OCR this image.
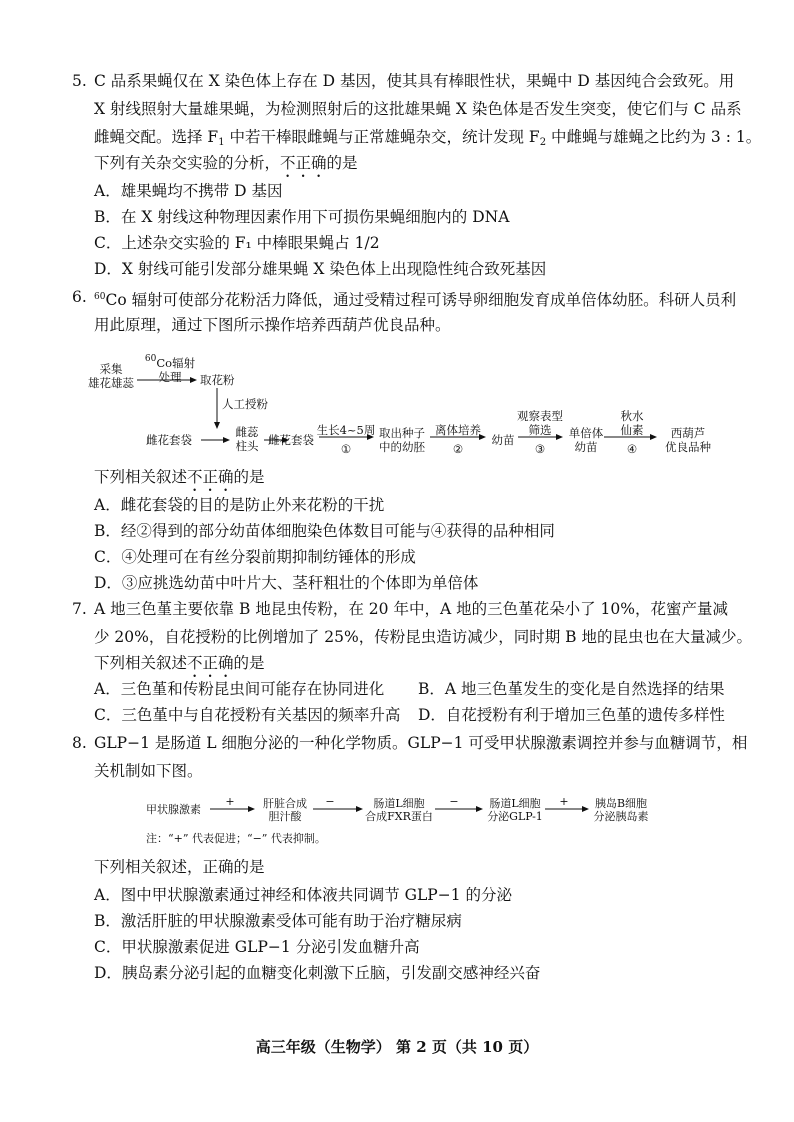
5. C 品系果蝇仅在 X 染色体上存在 D 基因，使其具有棒眼性状，果蝇中 D 基因纯合会致死。用
X 射线照射大量雄果蝇，为检测照射后的这批雄果蝇 X 染色体是否发生突变，使它们与 C 品系
雌蝇交配。选择 $F_1$ 中若干棒眼雌蝇与正常雄蝇杂交，统计发现 $F_2$ 中雌蝇与雄蝇之比约为 3 : 1。
下列有关杂交实验的分析，不正确的是
A．雄果蝇均不携带 D 基因
B．在 X 射线这种物理因素作用下可损伤果蝇细胞内的 DNA
C．上述杂交实验的 F₁ 中棒眼果蝇占 1/2
D．X 射线可能引发部分雄果蝇 X 染色体上出现隐性纯合致死基因
6. $^{60}$Co 辐射可使部分花粉活力降低，通过受精过程可诱导卵细胞发育成单倍体幼胚。科研人员利
用此原理，通过下图所示操作培养西葫芦优良品种。
采集
雄花雄蕊
$^{60}$Co辐射
处理	取花粉
人工授粉
雌花套袋
雌蕊
柱头 雌花套袋
生长4~5周
①
取出种子
中的幼胚
离体培养
②
幼苗
观察表型
筛选
③
单倍体
幼苗
秋水
仙素
④
西葫芦
优良品种
下列相关叙述不正确的是
A．雌花套袋的目的是防止外来花粉的干扰
B．经②得到的部分幼苗体细胞染色体数目可能与④获得的品种相同
C．④处理可在有丝分裂前期抑制纺锤体的形成
D．③应挑选幼苗中叶片大、茎秆粗壮的个体即为单倍体
7. A 地三色堇主要依靠 B 地昆虫传粉，在 20 年中，A 地的三色堇花朵小了 10%，花蜜产量减
少 20%，自花授粉的比例增加了 25%，传粉昆虫造访减少，同时期 B 地的昆虫也在大量减少。
下列相关叙述不正确的是
A．三色堇和传粉昆虫间可能存在协同进化 B．A 地三色堇发生的变化是自然选择的结果
C．三色堇中与自花授粉有关基因的频率升高 D．自花授粉有利于增加三色堇的遗传多样性
8. GLP−1 是肠道 L 细胞分泌的一种化学物质。GLP−1 可受甲状腺激素调控并参与血糖调节，相
关机制如下图。
甲状腺激素
+	肝脏合成
胆汁酸
−	肠道L细胞
合成FXR蛋白
−	肠道L细胞
分泌GLP-1
+	胰岛B细胞
分泌胰岛素
注：“+” 代表促进；“−” 代表抑制。
下列相关叙述，正确的是
A．图中甲状腺激素通过神经和体液共同调节 GLP−1 的分泌
B．激活肝脏的甲状腺激素受体可能有助于治疗糖尿病
C．甲状腺激素促进 GLP−1 分泌引发血糖升高
D．胰岛素分泌引起的血糖变化刺激下丘脑，引发副交感神经兴奋
高三年级（生物学） 第 2 页（共 10 页）
